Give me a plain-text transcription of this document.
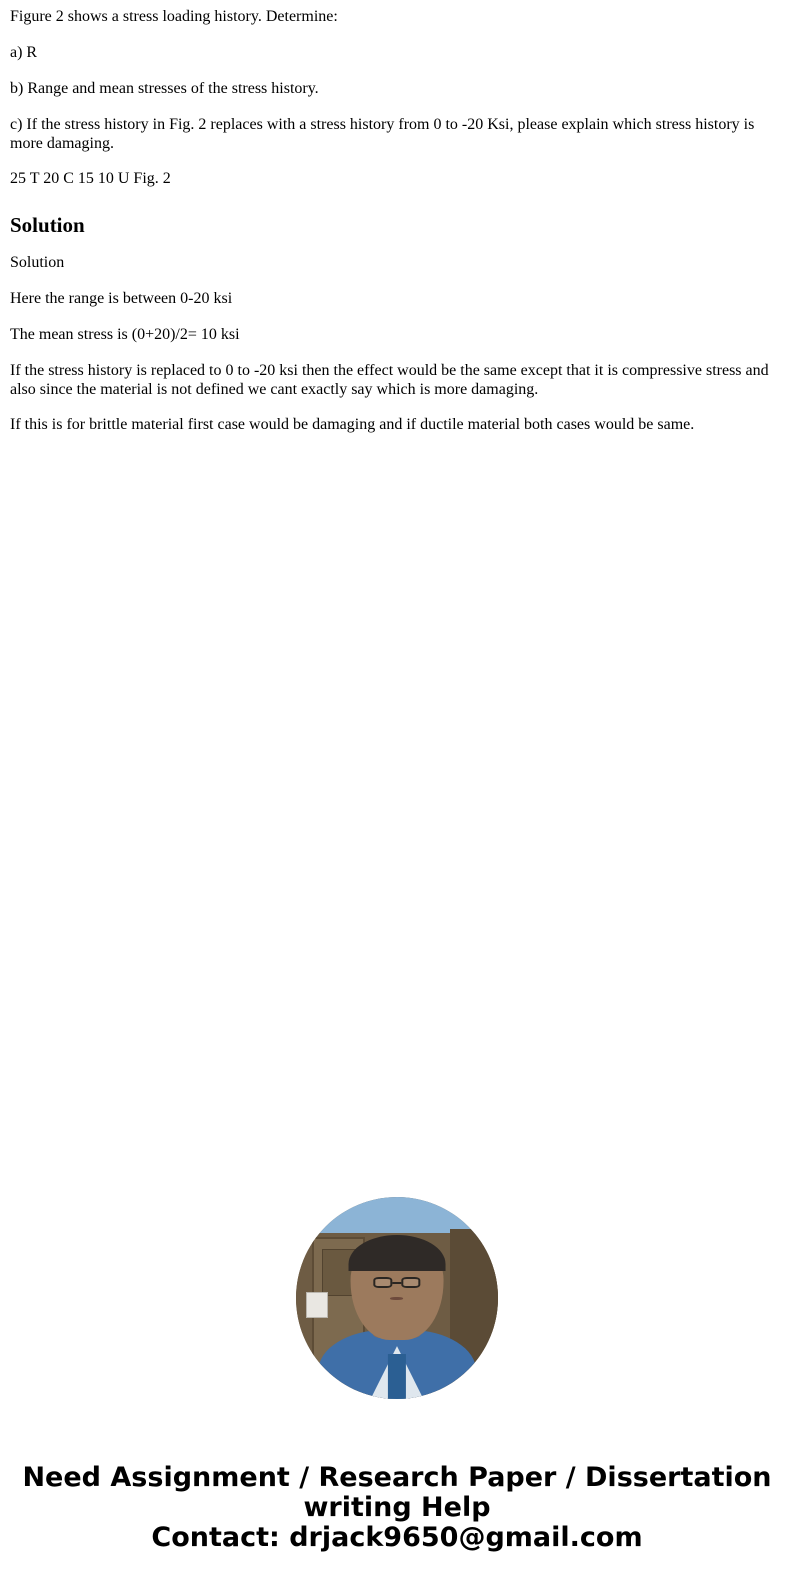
Figure 2 shows a stress loading history. Determine:

a) R

b) Range and mean stresses of the stress history.

c) If the stress history in Fig. 2 replaces with a stress history from 0 to -20 Ksi, please explain which stress history is more damaging.

25 T 20 C 15 10 U Fig. 2

Solution

Solution

Here the range is between 0-20 ksi

The mean stress is (0+20)/2= 10 ksi

If the stress history is replaced to 0 to -20 ksi then the effect would be the same except that it is compressive stress and also since the material is not defined we cant exactly say which is more damaging.

If this is for brittle material first case would be damaging and if ductile material both cases would be same.

Need Assignment / Research Paper / Dissertation writing Help
Contact: drjack9650@gmail.com
